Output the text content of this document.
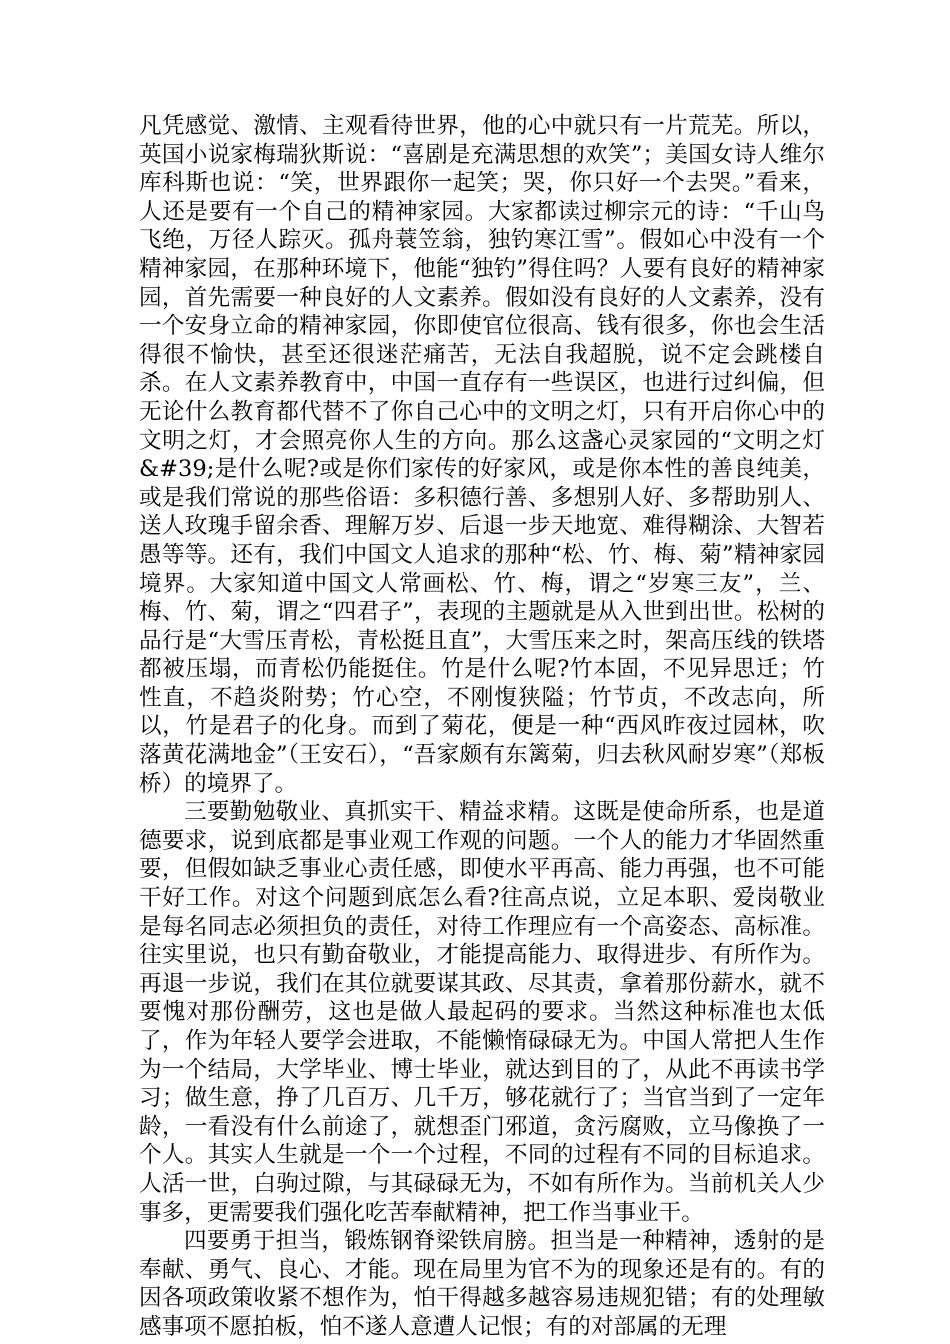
凡凭感觉、激情、主观看待世界，他的心中就只有一片荒芜。所以，英国小说家梅瑞狄斯说：“喜剧是充满思想的欢笑”；美国女诗人维尔库科斯也说：“笑，世界跟你一起笑；哭，你只好一个去哭。”看来，人还是要有一个自己的精神家园。大家都读过柳宗元的诗：“千山鸟飞绝，万径人踪灭。孤舟蓑笠翁，独钓寒江雪”。假如心中没有一个精神家园，在那种环境下，他能“独钓”得住吗？人要有良好的精神家园，首先需要一种良好的人文素养。假如没有良好的人文素养，没有一个安身立命的精神家园，你即使官位很高、钱有很多，你也会生活得很不愉快，甚至还很迷茫痛苦，无法自我超脱，说不定会跳楼自杀。在人文素养教育中，中国一直存有一些误区，也进行过纠偏，但无论什么教育都代替不了你自己心中的文明之灯，只有开启你心中的文明之灯，才会照亮你人生的方向。那么这盏心灵家园的“文明之灯&#39;是什么呢?或是你们家传的好家风，或是你本性的善良纯美，或是我们常说的那些俗语：多积德行善、多想别人好、多帮助别人、送人玫瑰手留余香、理解万岁、后退一步天地宽、难得糊涂、大智若愚等等。还有，我们中国文人追求的那种“松、竹、梅、菊”精神家园境界。大家知道中国文人常画松、竹、梅，谓之“岁寒三友”，兰、梅、竹、菊，谓之“四君子”，表现的主题就是从入世到出世。松树的品行是“大雪压青松，青松挺且直”，大雪压来之时，架高压线的铁塔都被压塌，而青松仍能挺住。竹是什么呢?竹本固，不见异思迁；竹性直，不趋炎附势；竹心空，不刚愎狭隘；竹节贞，不改志向，所以，竹是君子的化身。而到了菊花，便是一种“西风昨夜过园林，吹落黄花满地金”（王安石），“吾家颇有东篱菊，归去秋风耐岁寒”（郑板桥）的境界了。

三要勤勉敬业、真抓实干、精益求精。这既是使命所系，也是道德要求，说到底都是事业观工作观的问题。一个人的能力才华固然重要，但假如缺乏事业心责任感，即使水平再高、能力再强，也不可能干好工作。对这个问题到底怎么看?往高点说，立足本职、爱岗敬业是每名同志必须担负的责任，对待工作理应有一个高姿态、高标准。往实里说，也只有勤奋敬业，才能提高能力、取得进步、有所作为。再退一步说，我们在其位就要谋其政、尽其责，拿着那份薪水，就不要愧对那份酬劳，这也是做人最起码的要求。当然这种标准也太低了，作为年轻人要学会进取，不能懒惰碌碌无为。中国人常把人生作为一个结局，大学毕业、博士毕业，就达到目的了，从此不再读书学习；做生意，挣了几百万、几千万，够花就行了；当官当到了一定年龄，一看没有什么前途了，就想歪门邪道，贪污腐败，立马像换了一个人。其实人生就是一个一个过程，不同的过程有不同的目标追求。人活一世，白驹过隙，与其碌碌无为，不如有所作为。当前机关人少事多，更需要我们强化吃苦奉献精神，把工作当事业干。

四要勇于担当，锻炼钢脊梁铁肩膀。担当是一种精神，透射的是奉献、勇气、良心、才能。现在局里为官不为的现象还是有的。有的因各项政策收紧不想作为，怕干得越多越容易违规犯错；有的处理敏感事项不愿拍板，怕不遂人意遭人记恨；有的对部属的无理
